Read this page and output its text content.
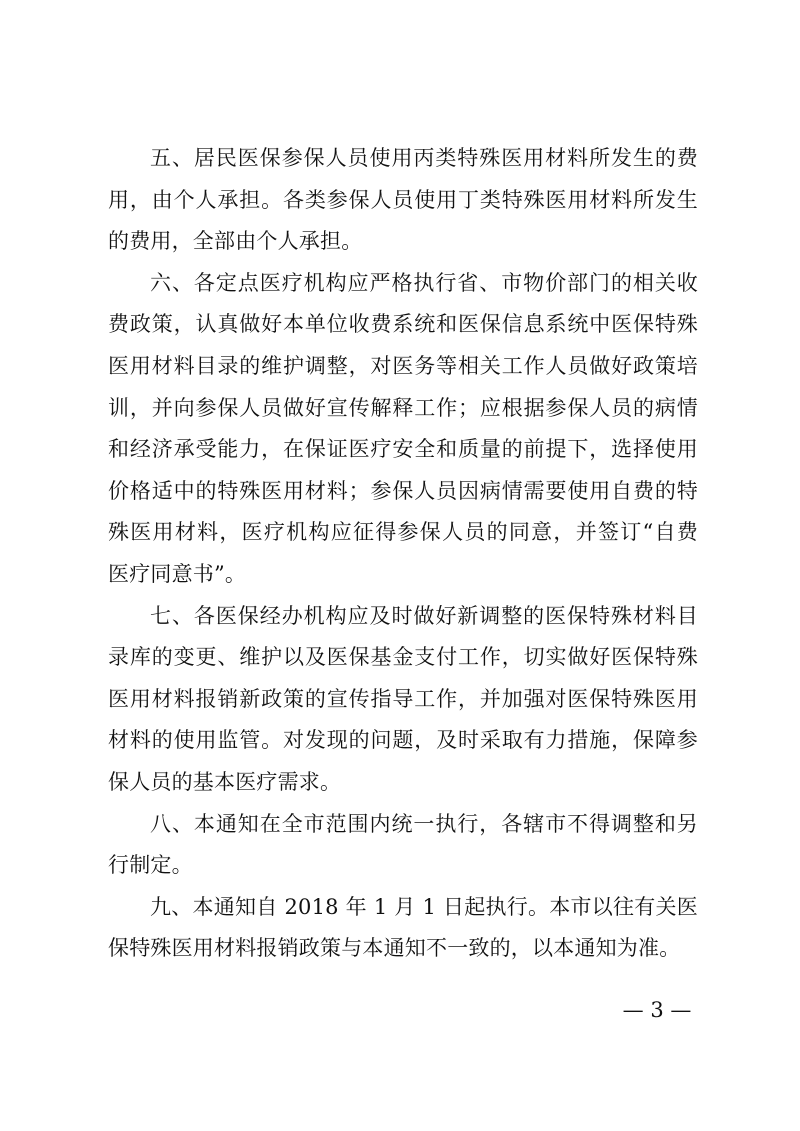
五、居民医保参保人员使用丙类特殊医用材料所发生的费
用，由个人承担。各类参保人员使用丁类特殊医用材料所发生
的费用，全部由个人承担。
六、各定点医疗机构应严格执行省、市物价部门的相关收
费政策，认真做好本单位收费系统和医保信息系统中医保特殊
医用材料目录的维护调整，对医务等相关工作人员做好政策培
训，并向参保人员做好宣传解释工作；应根据参保人员的病情
和经济承受能力，在保证医疗安全和质量的前提下，选择使用
价格适中的特殊医用材料；参保人员因病情需要使用自费的特
殊医用材料，医疗机构应征得参保人员的同意，并签订“自费
医疗同意书”。
七、各医保经办机构应及时做好新调整的医保特殊材料目
录库的变更、维护以及医保基金支付工作，切实做好医保特殊
医用材料报销新政策的宣传指导工作，并加强对医保特殊医用
材料的使用监管。对发现的问题，及时采取有力措施，保障参
保人员的基本医疗需求。
八、本通知在全市范围内统一执行，各辖市不得调整和另
行制定。
九、本通知自 2018 年 1 月 1 日起执行。本市以往有关医
保特殊医用材料报销政策与本通知不一致的，以本通知为准。
— 3 —
